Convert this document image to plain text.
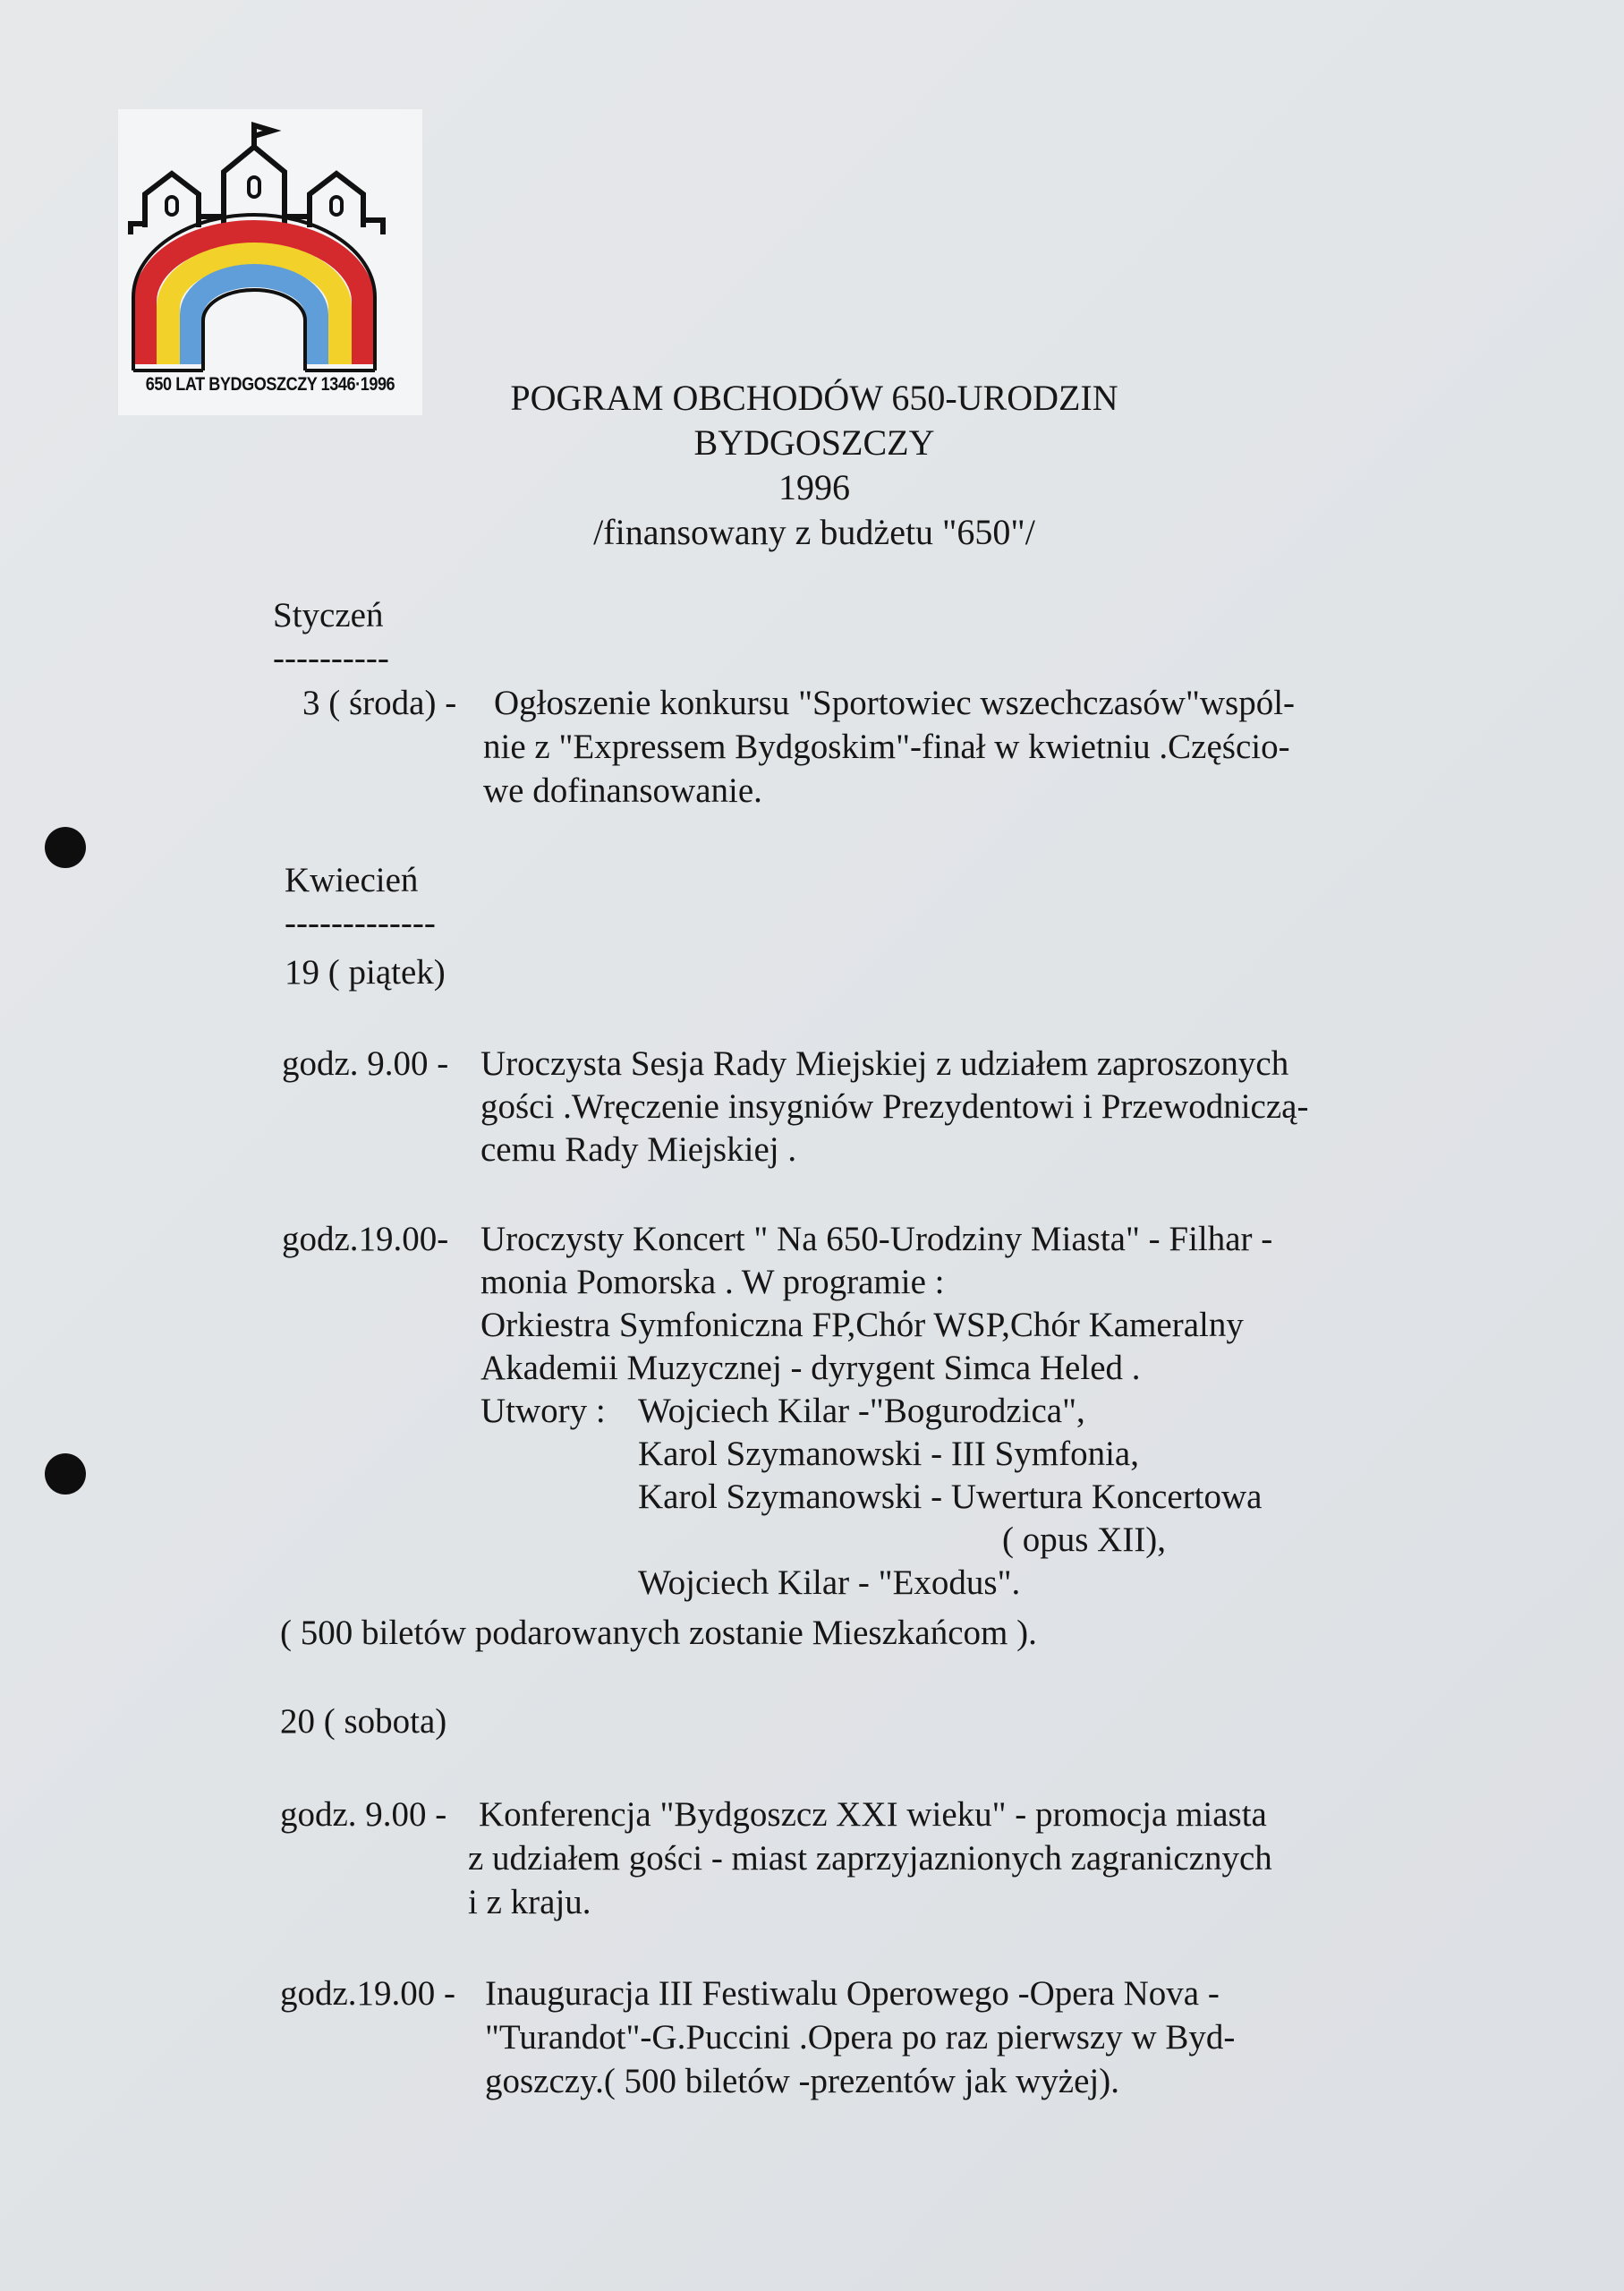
650 LAT BYDGOSZCZY 1346·1996	POGRAM OBCHODÓW 650-URODZIN
BYDGOSZCZY
1996
/finansowany z budżetu "650"/
Styczeń
----------
3 ( środa) - Ogłoszenie konkursu "Sportowiec wszechczasów"wspól-
nie z "Expressem Bydgoskim"-finał w kwietniu .Częścio-
we dofinansowanie.
Kwiecień
-------------
19 ( piątek)
godz. 9.00 - Uroczysta Sesja Rady Miejskiej z udziałem zaproszonych
gości .Wręczenie insygniów Prezydentowi i Przewodniczą-
cemu Rady Miejskiej .
godz.19.00- Uroczysty Koncert " Na 650-Urodziny Miasta" - Filhar -
monia Pomorska . W programie :
Orkiestra Symfoniczna FP,Chór WSP,Chór Kameralny
Akademii Muzycznej - dyrygent Simca Heled .
Utwory : Wojciech Kilar -"Bogurodzica",
Karol Szymanowski - III Symfonia,
Karol Szymanowski - Uwertura Koncertowa
( opus XII),
Wojciech Kilar - "Exodus".
( 500 biletów podarowanych zostanie Mieszkańcom ).
20 ( sobota)
godz. 9.00 - Konferencja "Bydgoszcz XXI wieku" - promocja miasta
z udziałem gości - miast zaprzyjaznionych zagranicznych
i z kraju.
godz.19.00 - Inauguracja III Festiwalu Operowego -Opera Nova -
"Turandot"-G.Puccini .Opera po raz pierwszy w Byd-
goszczy.( 500 biletów -prezentów jak wyżej).
